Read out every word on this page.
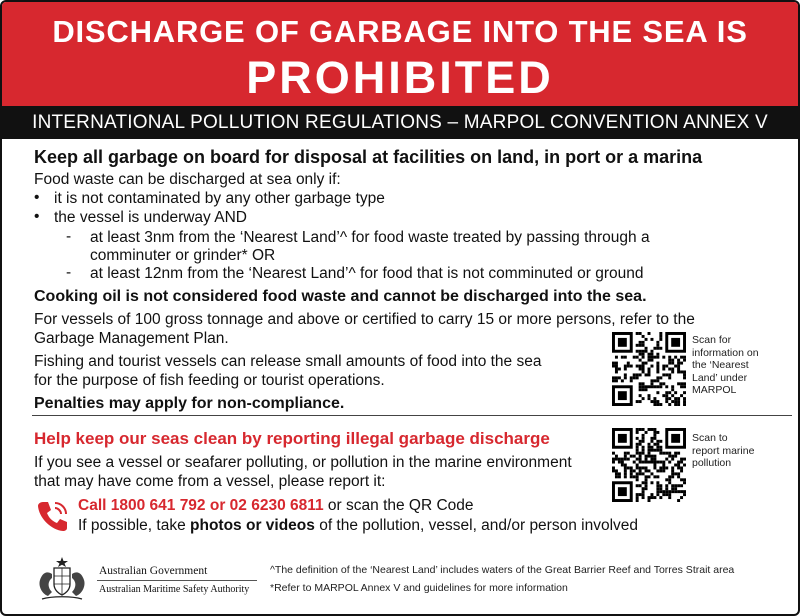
DISCHARGE OF GARBAGE INTO THE SEA IS
PROHIBITED
INTERNATIONAL POLLUTION REGULATIONS – MARPOL CONVENTION ANNEX V
Keep all garbage on board for disposal at facilities on land, in port or a marina
Food waste can be discharged at sea only if:
• it is not contaminated by any other garbage type
• the vessel is underway AND
- at least 3nm from the ‘Nearest Land’^ for food waste treated by passing through a
comminuter or grinder* OR
- at least 12nm from the ‘Nearest Land’^ for food that is not comminuted or ground
Cooking oil is not considered food waste and cannot be discharged into the sea.
For vessels of 100 gross tonnage and above or certified to carry 15 or more persons, refer to the
Garbage Management Plan.
Fishing and tourist vessels can release small amounts of food into the sea
for the purpose of fish feeding or tourist operations.
Penalties may apply for non-compliance.
Scan for
information on
the ‘Nearest
Land’ under
MARPOL
Help keep our seas clean by reporting illegal garbage discharge
If you see a vessel or seafarer polluting, or pollution in the marine environment
that may have come from a vessel, please report it:
Call 1800 641 792 or 02 6230 6811 or scan the QR Code
If possible, take photos or videos of the pollution, vessel, and/or person involved
Scan to
report marine
pollution
Australian Government
Australian Maritime Safety Authority
^The definition of the ‘Nearest Land’ includes waters of the Great Barrier Reef and Torres Strait area
*Refer to MARPOL Annex V and guidelines for more information
